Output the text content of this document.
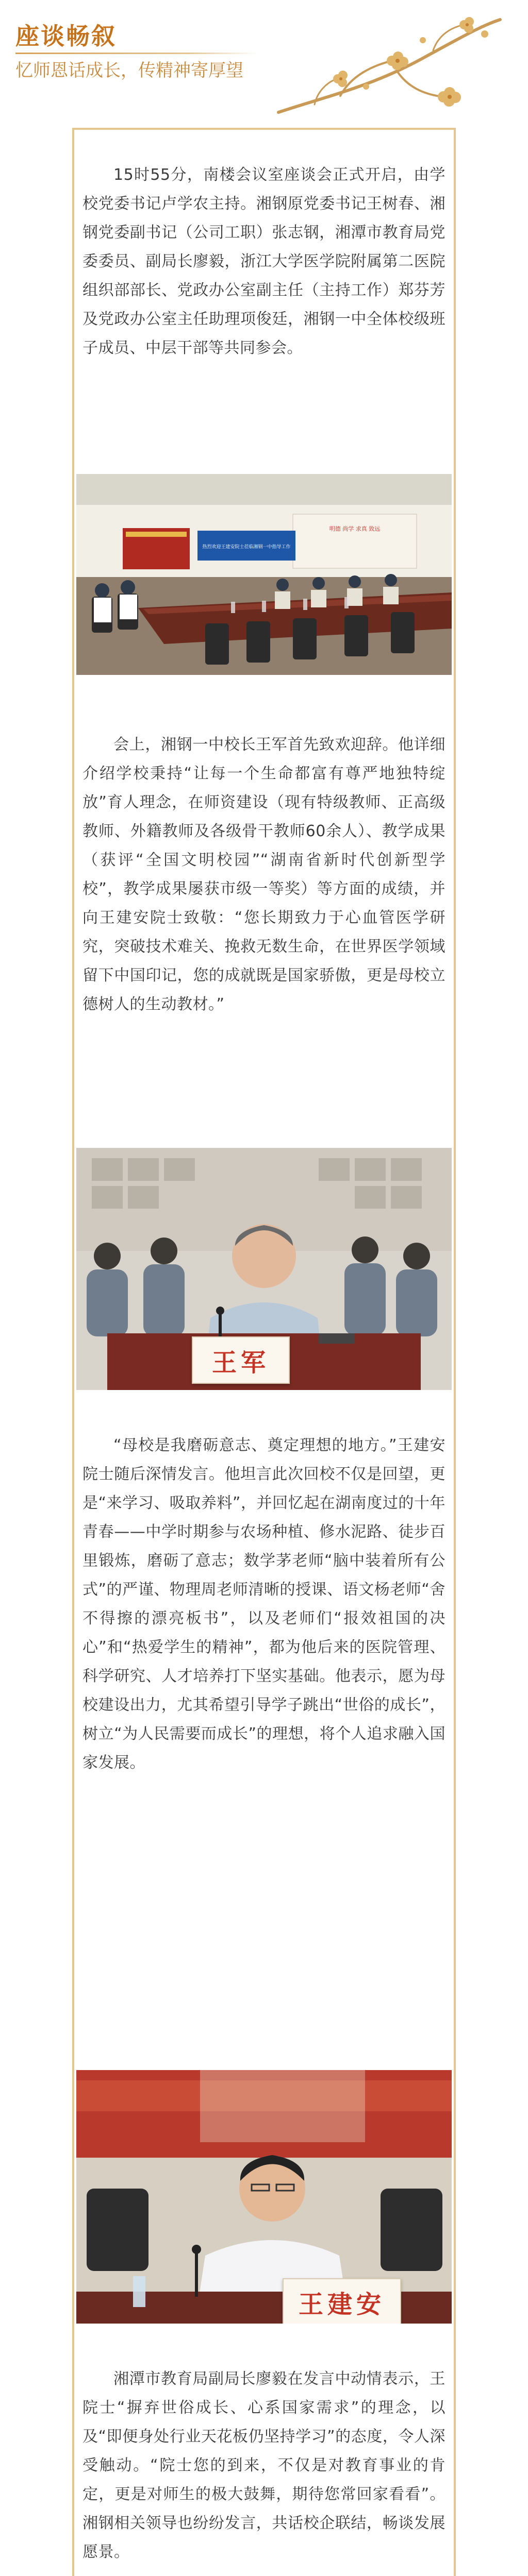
座谈畅叙

忆师恩话成长，传精神寄厚望

15时55分，南楼会议室座谈会正式开启，由学校党委书记卢学农主持。湘钢原党委书记王树春、湘钢党委副书记（公司工职）张志钢，湘潭市教育局党委委员、副局长廖毅，浙江大学医学院附属第二医院组织部部长、党政办公室副主任（主持工作）郑芬芳及党政办公室主任助理项俊廷，湘钢一中全体校级班子成员、中层干部等共同参会。

明德 尚学 求真 致远
热烈欢迎王建安院士莅临湘钢一中指导工作

会上，湘钢一中校长王军首先致欢迎辞。他详细介绍学校秉持“让每一个生命都富有尊严地独特绽放”育人理念，在师资建设（现有特级教师、正高级教师、外籍教师及各级骨干教师60余人）、教学成果（获评“全国文明校园”“湖南省新时代创新型学校”，教学成果屡获市级一等奖）等方面的成绩，并向王建安院士致敬：“您长期致力于心血管医学研究，突破技术难关、挽救无数生命，在世界医学领域留下中国印记，您的成就既是国家骄傲，更是母校立德树人的生动教材。”

王军

“母校是我磨砺意志、奠定理想的地方。”王建安院士随后深情发言。他坦言此次回校不仅是回望，更是“来学习、吸取养料”，并回忆起在湖南度过的十年青春——中学时期参与农场种植、修水泥路、徒步百里锻炼，磨砺了意志；数学茅老师“脑中装着所有公式”的严谨、物理周老师清晰的授课、语文杨老师“舍不得擦的漂亮板书”，以及老师们“报效祖国的决心”和“热爱学生的精神”，都为他后来的医院管理、科学研究、人才培养打下坚实基础。他表示，愿为母校建设出力，尤其希望引导学子跳出“世俗的成长”，树立“为人民需要而成长”的理想，将个人追求融入国家发展。

王建安

湘潭市教育局副局长廖毅在发言中动情表示，王院士“摒弃世俗成长、心系国家需求”的理念，以及“即便身处行业天花板仍坚持学习”的态度，令人深受触动。“院士您的到来，不仅是对教育事业的肯定，更是对师生的极大鼓舞，期待您常回家看看”。湘钢相关领导也纷纷发言，共话校企联结，畅谈发展愿景。
